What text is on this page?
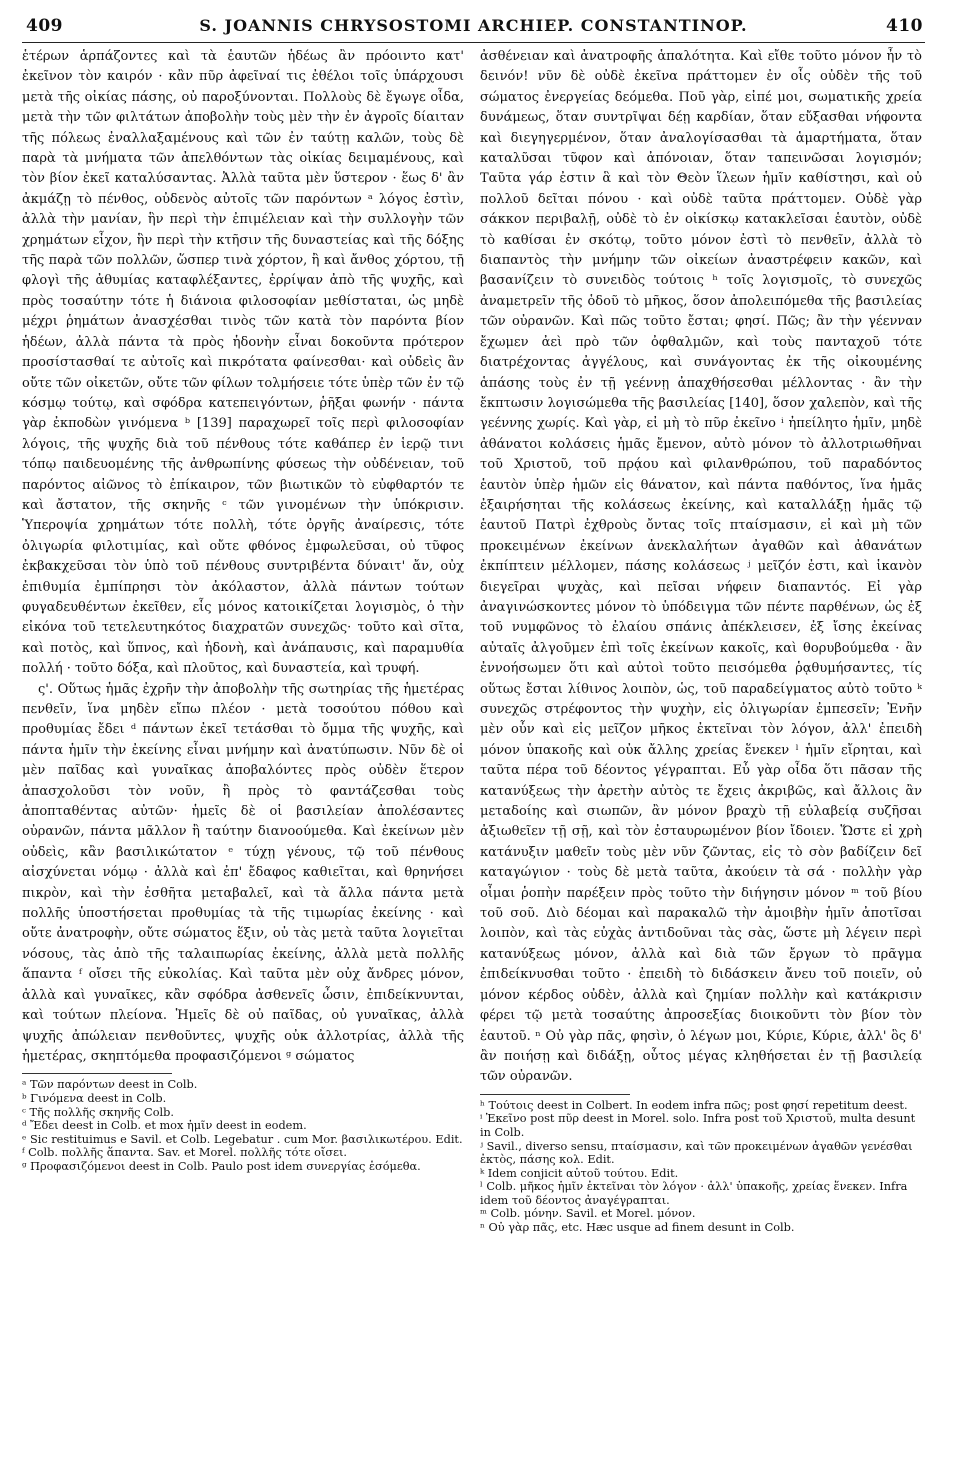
409	S. JOANNIS CHRYSOSTOMI ARCHIEP. CONSTANTINOP.	410

ἑτέρων ἁρπάζοντες καὶ τὰ ἑαυτῶν ἡδέως ἂν πρόοιντο κατ' ἐκεῖνον τὸν καιρόν · κἂν πῦρ ἀφεῖναί τις ἐθέλοι τοῖς ὑπάρχουσι μετὰ τῆς οἰκίας πάσης, οὐ παροξύνονται. Πολλοὺς δὲ ἔγωγε οἶδα, μετὰ τὴν τῶν φιλτάτων ἀποβολὴν τοὺς μὲν τὴν ἐν ἀγροῖς δίαιταν τῆς πόλεως ἐναλλαξαμένους καὶ τῶν ἐν ταύτῃ καλῶν, τοὺς δὲ παρὰ τὰ μνήματα τῶν ἀπελθόντων τὰς οἰκίας δειμαμένους, καὶ τὸν βίον ἐκεῖ καταλύσαντας. Ἀλλὰ ταῦτα μὲν ὕστερον · ἕως δ' ἂν ἀκμάζῃ τὸ πένθος, οὐδενὸς αὐτοῖς τῶν παρόντων ᵃ λόγος ἐστὶν, ἀλλὰ τὴν μανίαν, ἣν περὶ τὴν ἐπιμέλειαν καὶ τὴν συλλογὴν τῶν χρημάτων εἶχον, ἣν περὶ τὴν κτῆσιν τῆς δυναστείας καὶ τῆς δόξης τῆς παρὰ τῶν πολλῶν, ὥσπερ τινὰ χόρτον, ἢ καὶ ἄνθος χόρτου, τῇ φλογὶ τῆς ἀθυμίας καταφλέξαντες, ἐρρίψαν ἀπὸ τῆς ψυχῆς, καὶ πρὸς τοσαύτην τότε ἡ διάνοια φιλοσοφίαν μεθίσταται, ὡς μηδὲ μέχρι ῥημάτων ἀνασχέσθαι τινὸς τῶν κατὰ τὸν παρόντα βίον ἡδέων, ἀλλὰ πάντα τὰ πρὸς ἡδονὴν εἶναι δοκοῦντα πρότερον προσίστασθαί τε αὐτοῖς καὶ πικρότατα φαίνεσθαι· καὶ οὐδεὶς ἂν οὔτε τῶν οἰκετῶν, οὔτε τῶν φίλων τολμήσειε τότε ὑπὲρ τῶν ἐν τῷ κόσμῳ τούτῳ, καὶ σφόδρα κατεπειγόντων, ῥῆξαι φωνήν · πάντα γὰρ ἐκποδὼν γινόμενα ᵇ [139] παραχωρεῖ τοῖς περὶ φιλοσοφίαν λόγοις, τῆς ψυχῆς διὰ τοῦ πένθους τότε καθάπερ ἐν ἱερῷ τινι τόπῳ παιδευομένης τῆς ἀνθρωπίνης φύσεως τὴν οὐδένειαν, τοῦ παρόντος αἰῶνος τὸ ἐπίκαιρον, τῶν βιωτικῶν τὸ εὐφθαρτόν τε καὶ ἄστατον, τῆς σκηνῆς ᶜ τῶν γινομένων τὴν ὑπόκρισιν. Ὑπεροψία χρημάτων τότε πολλὴ, τότε ὀργῆς ἀναίρεσις, τότε ὀλιγωρία φιλοτιμίας, καὶ οὔτε φθόνος ἐμφωλεῦσαι, οὐ τῦφος ἐκβακχεῦσαι τὸν ὑπὸ τοῦ πένθους συντριβέντα δύναιτ' ἄν, οὐχ ἐπιθυμία ἐμπίπρησι τὸν ἀκόλαστον, ἀλλὰ πάντων τούτων φυγαδευθέντων ἐκεῖθεν, εἷς μόνος κατοικίζεται λογισμὸς, ὁ τὴν εἰκόνα τοῦ τετελευτηκότος διαχρατῶν συνεχῶς· τοῦτο καὶ σῖτα, καὶ ποτὸς, καὶ ὕπνος, καὶ ἡδονὴ, καὶ ἀνάπαυσις, καὶ παραμυθία πολλή · τοῦτο δόξα, καὶ πλοῦτος, καὶ δυναστεία, καὶ τρυφή.

ς'. Οὕτως ἡμᾶς ἐχρῆν τὴν ἀποβολὴν τῆς σωτηρίας τῆς ἡμετέρας πενθεῖν, ἵνα μηδὲν εἴπω πλέον · μετὰ τοσούτου πόθου καὶ προθυμίας ἔδει ᵈ πάντων ἐκεῖ τετάσθαι τὸ ὄμμα τῆς ψυχῆς, καὶ πάντα ἡμῖν τὴν ἐκείνης εἶναι μνήμην καὶ ἀνατύπωσιν. Νῦν δὲ οἱ μὲν παῖδας καὶ γυναῖκας ἀποβαλόντες πρὸς οὐδὲν ἕτερον ἀπασχολοῦσι τὸν νοῦν, ἢ πρὸς τὸ φαντάζεσθαι τοὺς ἀποπταθέντας αὐτῶν· ἡμεῖς δὲ οἱ βασιλείαν ἀπολέσαντες οὐρανῶν, πάντα μᾶλλον ἢ ταύτην διανοούμεθα. Καὶ ἐκείνων μὲν οὐδεὶς, κἂν βασιλικώτατον ᵉ τύχῃ γένους, τῷ τοῦ πένθους αἰσχύνεται νόμῳ · ἀλλὰ καὶ ἐπ' ἔδαφος καθιεῖται, καὶ θρηνήσει πικρὸν, καὶ τὴν ἐσθῆτα μεταβαλεῖ, καὶ τὰ ἄλλα πάντα μετὰ πολλῆς ὑποστήσεται προθυμίας τὰ τῆς τιμωρίας ἐκείνης · καὶ οὔτε ἀνατροφὴν, οὔτε σώματος ἕξιν, οὐ τὰς μετὰ ταῦτα λογιεῖται νόσους, τὰς ἀπὸ τῆς ταλαιπωρίας ἐκείνης, ἀλλὰ μετὰ πολλῆς ἅπαντα ᶠ οἴσει τῆς εὐκολίας. Καὶ ταῦτα μὲν οὐχ ἄνδρες μόνον, ἀλλὰ καὶ γυναῖκες, κἂν σφόδρα ἀσθενεῖς ὦσιν, ἐπιδείκνυνται, καὶ τούτων πλείονα. Ἡμεῖς δὲ οὐ παῖδας, οὐ γυναῖκας, ἀλλὰ ψυχῆς ἀπώλειαν πενθοῦντες, ψυχῆς οὐκ ἀλλοτρίας, ἀλλὰ τῆς ἡμετέρας, σκηπτόμεθα προφασιζόμενοι ᵍ σώματος

ᵃ Τῶν παρόντων deest in Colb.

ᵇ Γινόμενα deest in Colb.

ᶜ Τῆς πολλῆς σκηνῆς Colb.

ᵈ Ἔδει deest in Colb. et mox ἡμῖν deest in eodem.

ᵉ Sic restituimus e Savil. et Colb. Legebatur . cum Mor. βασιλικωτέρου. Edit.

ᶠ Colb. πολλῆς ἅπαντα. Sav. et Morel. πολλῆς τότε οἴσει.

ᵍ Προφασιζόμενοι deest in Colb. Paulo post idem συνεργίας ἑσόμεθα.

ἀσθένειαν καὶ ἀνατροφῆς ἁπαλότητα. Καὶ εἴθε τοῦτο μόνον ἦν τὸ δεινόν! νῦν δὲ οὐδὲ ἐκεῖνα πράττομεν ἐν οἷς οὐδὲν τῆς τοῦ σώματος ἐνεργείας δεόμεθα. Ποῦ γὰρ, εἰπέ μοι, σωματικῆς χρεία δυνάμεως, ὅταν συντρῖψαι δέῃ καρδίαν, ὅταν εὔξασθαι νήφοντα καὶ διεγηγερμένον, ὅταν ἀναλογίσασθαι τὰ ἁμαρτήματα, ὅταν καταλῦσαι τῦφον καὶ ἀπόνοιαν, ὅταν ταπεινῶσαι λογισμόν; Ταῦτα γάρ ἐστιν ἃ καὶ τὸν Θεὸν ἵλεων ἡμῖν καθίστησι, καὶ οὐ πολλοῦ δεῖται πόνου · καὶ οὐδὲ ταῦτα πράττομεν. Οὐδὲ γὰρ σάκκον περιβαλῇ, οὐδὲ τὸ ἐν οἰκίσκῳ κατακλεῖσαι ἑαυτὸν, οὐδὲ τὸ καθίσαι ἐν σκότῳ, τοῦτο μόνον ἐστὶ τὸ πενθεῖν, ἀλλὰ τὸ διαπαντὸς τὴν μνήμην τῶν οἰκείων ἀναστρέφειν κακῶν, καὶ βασανίζειν τὸ συνειδὸς τούτοις ʰ τοῖς λογισμοῖς, τὸ συνεχῶς ἀναμετρεῖν τῆς ὁδοῦ τὸ μῆκος, ὅσον ἀπολειπόμεθα τῆς βασιλείας τῶν οὐρανῶν. Καὶ πῶς τοῦτο ἔσται; φησί. Πῶς; ἂν τὴν γέενναν ἔχωμεν ἀεὶ πρὸ τῶν ὀφθαλμῶν, καὶ τοὺς πανταχοῦ τότε διατρέχοντας ἀγγέλους, καὶ συνάγοντας ἐκ τῆς οἰκουμένης ἁπάσης τοὺς ἐν τῇ γεέννῃ ἀπαχθήσεσθαι μέλλοντας · ἂν τὴν ἔκπτωσιν λογισώμεθα τῆς βασιλείας [140], ὅσον χαλεπὸν, καὶ τῆς γεέννης χωρίς. Καὶ γὰρ, εἰ μὴ τὸ πῦρ ἐκεῖνο ⁱ ἠπείλητο ἡμῖν, μηδὲ ἀθάνατοι κολάσεις ἡμᾶς ἔμενον, αὐτὸ μόνον τὸ ἀλλοτριωθῆναι τοῦ Χριστοῦ, τοῦ πρᾴου καὶ φιλανθρώπου, τοῦ παραδόντος ἑαυτὸν ὑπὲρ ἡμῶν εἰς θάνατον, καὶ πάντα παθόντος, ἵνα ἡμᾶς ἐξαιρήσηται τῆς κολάσεως ἐκείνης, καὶ καταλλάξῃ ἡμᾶς τῷ ἑαυτοῦ Πατρὶ ἐχθροὺς ὄντας τοῖς πταίσμασιν, εἰ καὶ μὴ τῶν προκειμένων ἐκείνων ἀνεκλαλήτων ἀγαθῶν καὶ ἀθανάτων ἐκπίπτειν μέλλομεν, πάσης κολάσεως ʲ μεῖζόν ἐστι, καὶ ἱκανὸν διεγεῖραι ψυχὰς, καὶ πεῖσαι νήφειν διαπαντός. Εἰ γὰρ ἀναγινώσκοντες μόνον τὸ ὑπόδειγμα τῶν πέντε παρθένων, ὡς ἐξ τοῦ νυμφῶνος τὸ ἐλαίου σπάνις ἀπέκλεισεν, ἐξ ἴσης ἐκείνας αὐταῖς ἀλγοῦμεν ἐπὶ τοῖς ἐκείνων κακοῖς, καὶ θορυβούμεθα · ἂν ἐννοήσωμεν ὅτι καὶ αὐτοὶ τοῦτο πεισόμεθα ῥᾳθυμήσαντες, τίς οὕτως ἔσται λίθινος λοιπὸν, ὡς, τοῦ παραδείγματος αὐτὸ τοῦτο ᵏ συνεχῶς στρέφοντος τὴν ψυχὴν, εἰς ὀλιγωρίαν ἐμπεσεῖν; Ἐνῆν μὲν οὖν καὶ εἰς μεῖζον μῆκος ἐκτεῖναι τὸν λόγον, ἀλλ' ἐπειδὴ μόνον ὑπακοῆς καὶ οὐκ ἄλλης χρείας ἕνεκεν ˡ ἡμῖν εἴρηται, καὶ ταῦτα πέρα τοῦ δέοντος γέγραπται. Εὖ γὰρ οἶδα ὅτι πᾶσαν τῆς κατανύξεως τὴν ἀρετὴν αὐτὸς τε ἔχεις ἀκριβῶς, καὶ ἄλλοις ἂν μεταδοίης καὶ σιωπῶν, ἂν μόνον βραχὺ τῇ εὐλαβείᾳ συζῆσαι ἀξιωθεῖεν τῇ σῇ, καὶ τὸν ἐσταυρωμένον βίον ἴδοιεν. Ὥστε εἰ χρὴ κατάνυξιν μαθεῖν τοὺς μὲν νῦν ζῶντας, εἰς τὸ σὸν βαδίζειν δεῖ καταγώγιον · τοὺς δὲ μετὰ ταῦτα, ἀκούειν τὰ σά · πολλὴν γὰρ οἶμαι ῥοπὴν παρέξειν πρὸς τοῦτο τὴν διήγησιν μόνον ᵐ τοῦ βίου τοῦ σοῦ. Διὸ δέομαι καὶ παρακαλῶ τὴν ἀμοιβὴν ἡμῖν ἀποτῖσαι λοιπὸν, καὶ τὰς εὐχὰς ἀντιδοῦναι τὰς σὰς, ὥστε μὴ λέγειν περὶ κατανύξεως μόνον, ἀλλὰ καὶ διὰ τῶν ἔργων τὸ πρᾶγμα ἐπιδείκνυσθαι τοῦτο · ἐπειδὴ τὸ διδάσκειν ἄνευ τοῦ ποιεῖν, οὐ μόνον κέρδος οὐδὲν, ἀλλὰ καὶ ζημίαν πολλὴν καὶ κατάκρισιν φέρει τῷ μετὰ τοσαύτης ἀπροσεξίας διοικοῦντι τὸν βίον τὸν ἑαυτοῦ. ⁿ Οὐ γὰρ πᾶς, φησὶν, ὁ λέγων μοι, Κύριε, Κύριε, ἀλλ' ὃς δ' ἂν ποιήσῃ καὶ διδάξῃ, οὗτος μέγας κληθήσεται ἐν τῇ βασιλείᾳ τῶν οὐρανῶν.

ʰ Τούτοις deest in Colbert. In eodem infra πῶς; post φησί repetitum deest.

ⁱ Ἐκεῖνο post πῦρ deest in Morel. solo. Infra post τοῦ Χριστοῦ, multa desunt in Colb.

ʲ Savil., diverso sensu, πταίσμασιν, καὶ τῶν προκειμένων ἀγαθῶν γενέσθαι ἐκτὸς, πάσης κολ. Edit.

ᵏ Idem conjicit αὐτοῦ τούτου. Edit.

ˡ Colb. μῆκος ἡμῖν ἐκτεῖναι τὸν λόγον · ἀλλ' ὑπακοῆς, χρείας ἕνεκεν. Infra idem τοῦ δέοντος ἀναγέγραπται.

ᵐ Colb. μόνην. Savil. et Morel. μόνον.

ⁿ Οὐ γὰρ πᾶς, etc. Hæc usque ad finem desunt in Colb.
